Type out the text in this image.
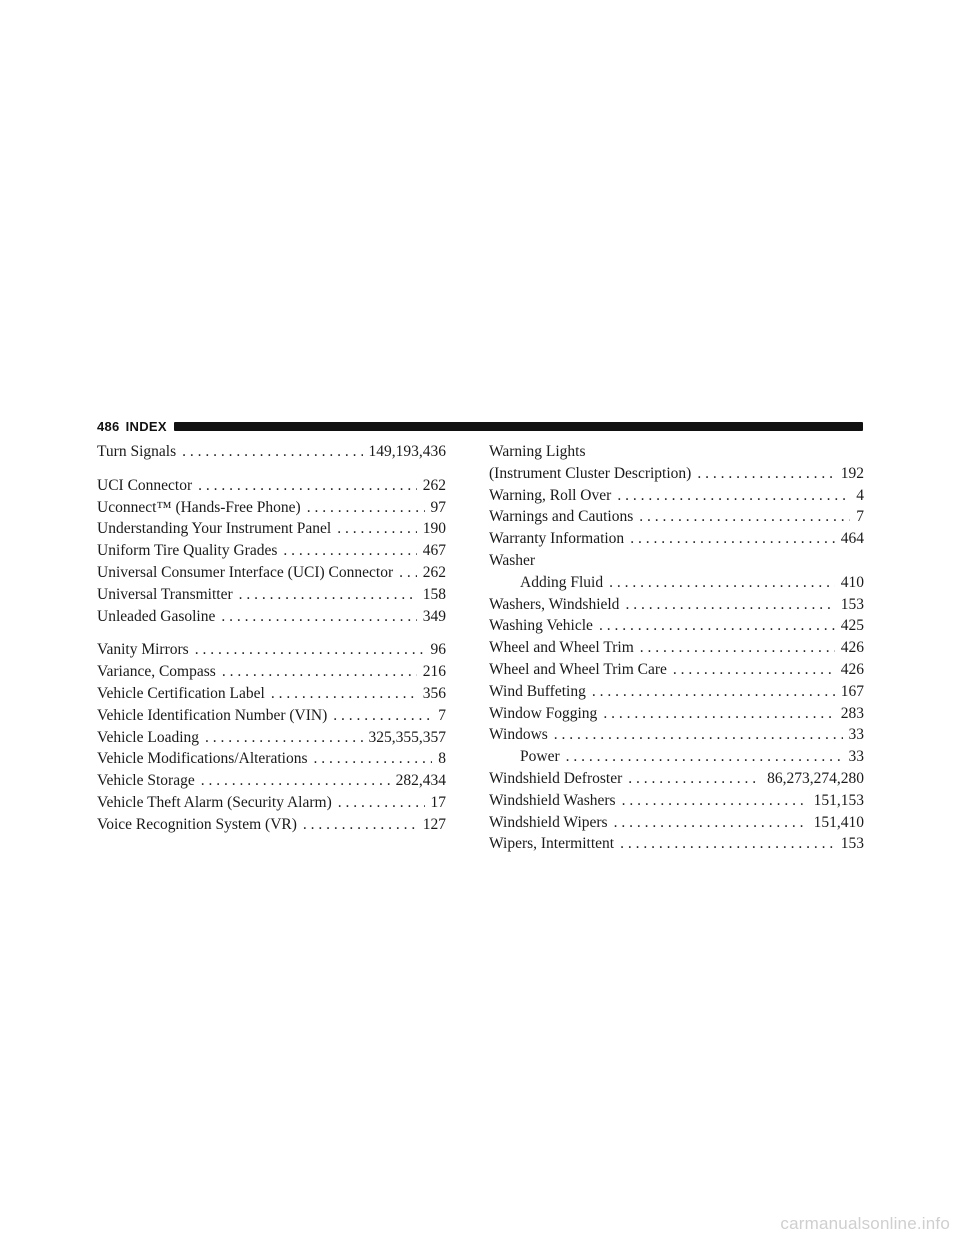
486 INDEX
Turn Signals . . .	149,193,436
UCI Connector . . .	262
Uconnect™ (Hands-Free Phone) . . .	97
Understanding Your Instrument Panel . . .	190
Uniform Tire Quality Grades . . .	467
Universal Consumer Interface (UCI) Connector . . . 262
Universal Transmitter . . .	158
Unleaded Gasoline . . .	349
Vanity Mirrors . . .	96
Variance, Compass . . .	216
Vehicle Certification Label . . .	356
Vehicle Identification Number (VIN) . . .	7
Vehicle Loading . . .	325,355,357
Vehicle Modifications/Alterations . . .	8
Vehicle Storage . . .	282,434
Vehicle Theft Alarm (Security Alarm) . . .	17
Voice Recognition System (VR) . . .	127
Warning Lights
(Instrument Cluster Description) . . .	192
Warning, Roll Over . . .	4
Warnings and Cautions . . .	7
Warranty Information . . .	464
Washer
Adding Fluid . . .	410
Washers, Windshield . . .	153
Washing Vehicle . . .	425
Wheel and Wheel Trim . . .	426
Wheel and Wheel Trim Care . . .	426
Wind Buffeting . . .	167
Window Fogging . . .	283
Windows . . .	33
Power . . .	33
Windshield Defroster . . .	86,273,274,280
Windshield Washers . . .	151,153
Windshield Wipers . . .	151,410
Wipers, Intermittent . . .	153
carmanualsonline.info
